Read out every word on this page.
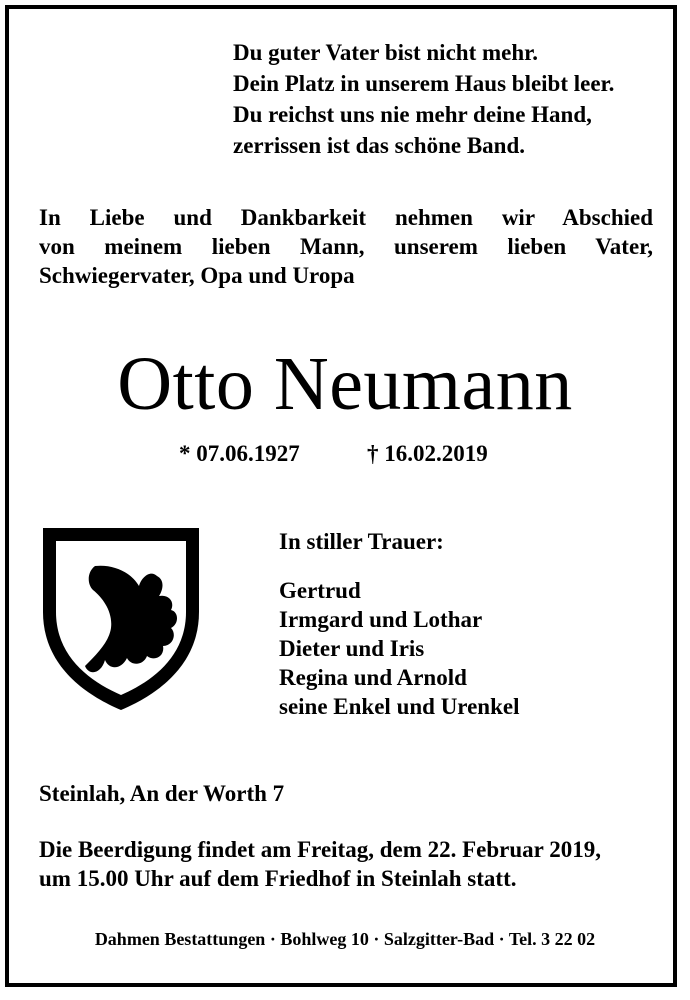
Du guter Vater bist nicht mehr.
Dein Platz in unserem Haus bleibt leer.
Du reichst uns nie mehr deine Hand,
zerrissen ist das schöne Band.
In Liebe und Dankbarkeit nehmen wir Abschied
von meinem lieben Mann, unserem lieben Vater,
Schwiegervater, Opa und Uropa
Otto Neumann
* 07.06.1927	† 16.02.2019
In stiller Trauer:
Gertrud
Irmgard und Lothar
Dieter und Iris
Regina und Arnold
seine Enkel und Urenkel
Steinlah, An der Worth 7
Die Beerdigung findet am Freitag, dem 22. Februar 2019,
um 15.00 Uhr auf dem Friedhof in Steinlah statt.
Dahmen Bestattungen · Bohlweg 10 · Salzgitter-Bad · Tel. 3 22 02
